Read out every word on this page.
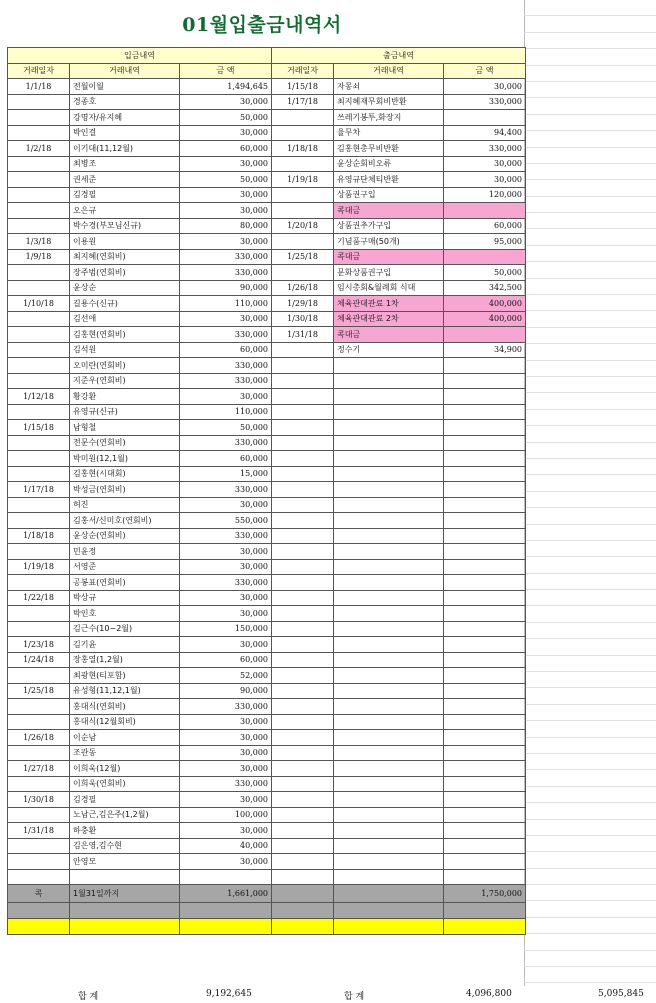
01월입출금내역서
입금내역			출금내역		
거래일자	거래내역	금 액	거래일자	거래내역	금 액
1/1/18	전월이월	1,494,645	1/15/18	자몽쇠	30,000
	경종호	30,000	1/17/18	최지혜재무회비반환	330,000
	강명자/유지혜	50,000		쓰레기봉투,화장지	
	박인걸	30,000		율무차	94,400
1/2/18	이기대(11,12월)	60,000	1/18/18	김홍현총무비반환	330,000
	최병조	30,000		윤상순회비오류	30,000
	권세준	50,000	1/19/18	유영규단체티반환	30,000
	김경필	30,000		상품권구입	120,000
	오은규	30,000		콕대금	
	박수경(부모님신규)	80,000	1/20/18	상품권추가구입	60,000
1/3/18	이용원	30,000		기념품구매(50개)	95,000
1/9/18	최지혜(연회비)	330,000	1/25/18	콕대금	
	장주범(연회비)	330,000		문화상품권구입	50,000
	윤상순	90,000	1/26/18	임시총회&월례회 식대	342,500
1/10/18	길용수(신규)	110,000	1/29/18	체육관대관료 1차	400,000
	김선애	30,000	1/30/18	체육관대관료 2차	400,000
	김홍현(연회비)	330,000	1/31/18	콕대금	
	김석원	60,000		정수기	34,900
	오미란(연회비)	330,000			
	지준우(연회비)	330,000			
1/12/18	황강환	30,000			
	유영규(신규)	110,000			
1/15/18	남형철	50,000			
	전문수(연회비)	330,000			
	박미원(12,1월)	60,000			
	김홍현(시대회)	15,000			
1/17/18	박성금(연회비)	330,000			
	허진	30,000			
	김홍서/신미호(연회비)	550,000			
1/18/18	윤상순(연회비)	330,000			
	민윤정	30,000			
1/19/18	서영준	30,000			
	공봉표(연회비)	330,000			
1/22/18	박상규	30,000			
	박인호	30,000			
	김근수(10~2월)	150,000			
1/23/18	김기윤	30,000			
1/24/18	장홍열(1,2월)	60,000			
	최광현(티포함)	52,000			
1/25/18	유성형(11,12,1월)	90,000			
	홍대식(연회비)	330,000			
	홍대식(12월회비)	30,000			
1/26/18	이순남	30,000			
	조관동	30,000			
1/27/18	이희욱(12월)	30,000			
	이희욱(연회비)	330,000			
1/30/18	김경필	30,000			
	노남근,김은주(1,2월)	100,000			
1/31/18	하충환	30,000			
	김은영,김수현	40,000			
	안영모	30,000			

콕	1월31일까지	1,661,000			1,750,000

합 계	9,192,645	합 계	4,096,800	5,095,845
